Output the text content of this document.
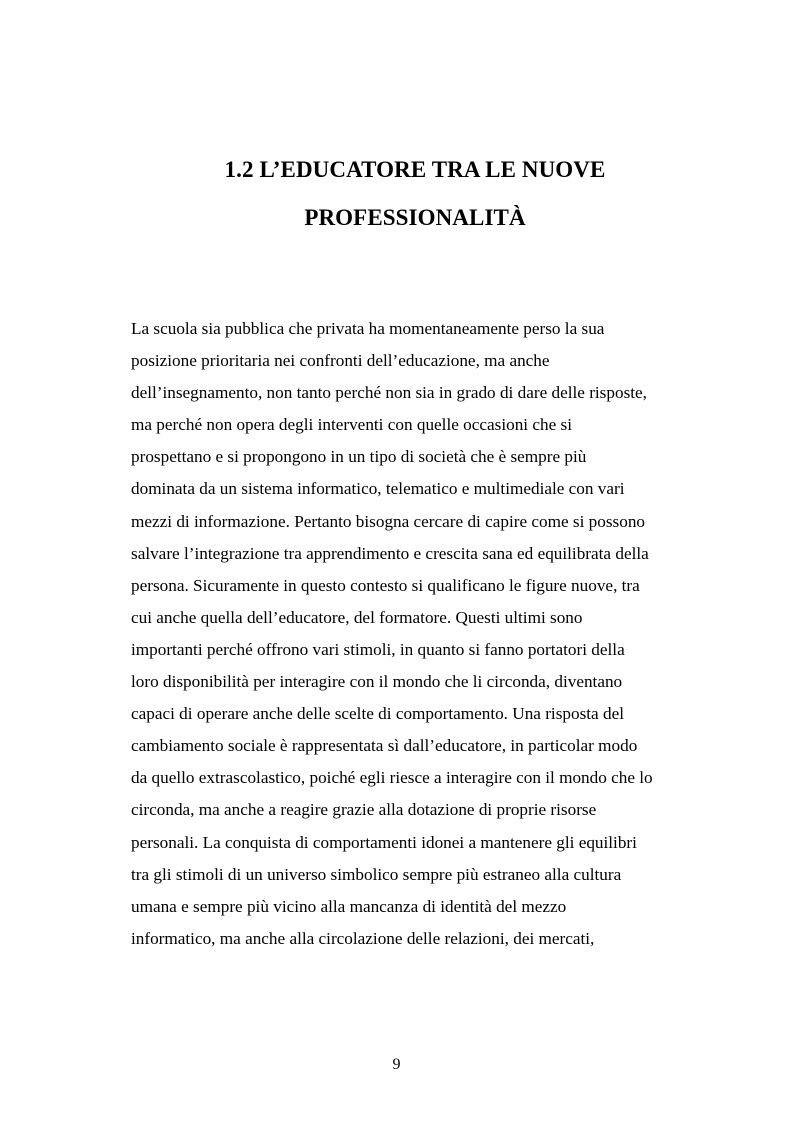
1.2 L’EDUCATORE TRA LE NUOVE
PROFESSIONALITÀ
La scuola sia pubblica che privata ha momentaneamente perso la sua
posizione prioritaria nei confronti dell’educazione, ma anche
dell’insegnamento, non tanto perché non sia in grado di dare delle risposte,
ma perché non opera degli interventi con quelle occasioni che si
prospettano e si propongono in un tipo di società che è sempre più
dominata da un sistema informatico, telematico e multimediale con vari
mezzi di informazione. Pertanto bisogna cercare di capire come si possono
salvare l’integrazione tra apprendimento e crescita sana ed equilibrata della
persona. Sicuramente in questo contesto si qualificano le figure nuove, tra
cui anche quella dell’educatore, del formatore. Questi ultimi sono
importanti perché offrono vari stimoli, in quanto si fanno portatori della
loro disponibilità per interagire con il mondo che li circonda, diventano
capaci di operare anche delle scelte di comportamento. Una risposta del
cambiamento sociale è rappresentata sì dall’educatore, in particolar modo
da quello extrascolastico, poiché egli riesce a interagire con il mondo che lo
circonda, ma anche a reagire grazie alla dotazione di proprie risorse
personali. La conquista di comportamenti idonei a mantenere gli equilibri
tra gli stimoli di un universo simbolico sempre più estraneo alla cultura
umana e sempre più vicino alla mancanza di identità del mezzo
informatico, ma anche alla circolazione delle relazioni, dei mercati,
9
